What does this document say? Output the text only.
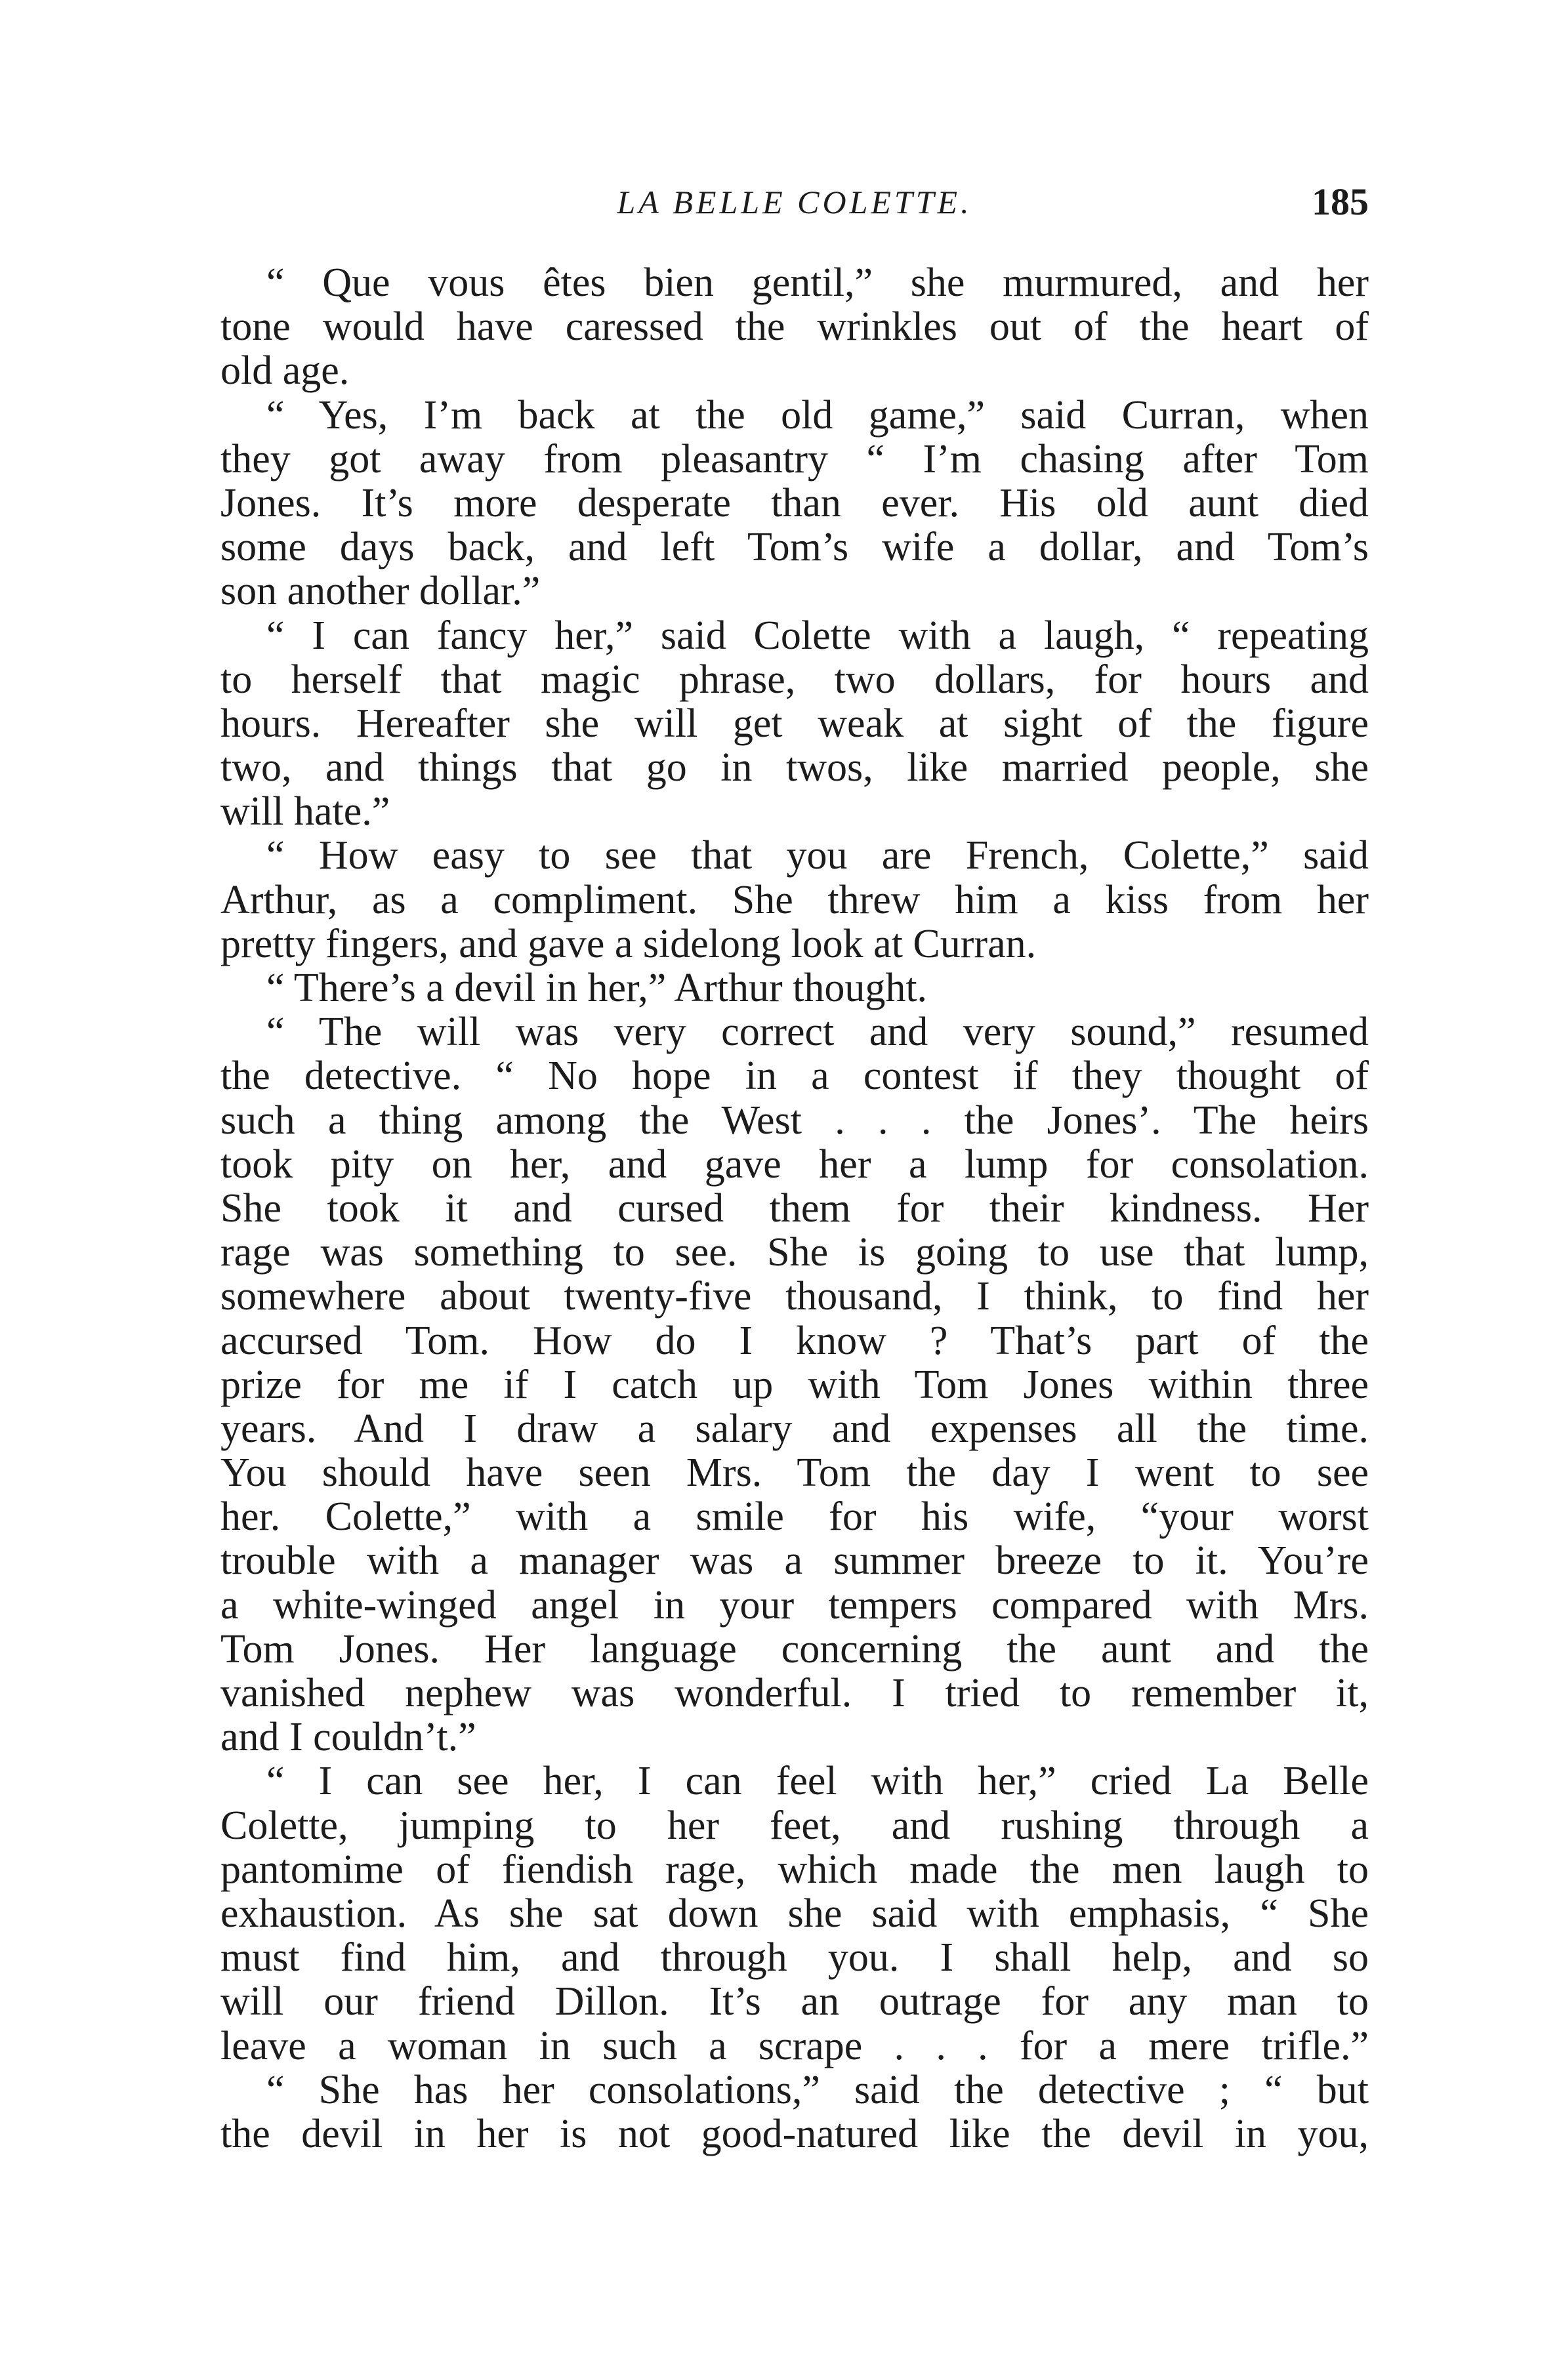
LA BELLE COLETTE.	185
“ Que vous êtes bien gentil,” she murmured, and her
tone would have caressed the wrinkles out of the heart of
old age.
“ Yes, I’m back at the old game,” said Curran, when
they got away from pleasantry “ I’m chasing after Tom
Jones. It’s more desperate than ever. His old aunt died
some days back, and left Tom’s wife a dollar, and Tom’s
son another dollar.”
“ I can fancy her,” said Colette with a laugh, “ repeating
to herself that magic phrase, two dollars, for hours and
hours. Hereafter she will get weak at sight of the figure
two, and things that go in twos, like married people, she
will hate.”
“ How easy to see that you are French, Colette,” said
Arthur, as a compliment. She threw him a kiss from her
pretty fingers, and gave a sidelong look at Curran.
“ There’s a devil in her,” Arthur thought.
“ The will was very correct and very sound,” resumed
the detective. “ No hope in a contest if they thought of
such a thing among the West . . . the Jones’. The heirs
took pity on her, and gave her a lump for consolation.
She took it and cursed them for their kindness. Her
rage was something to see. She is going to use that lump,
somewhere about twenty-five thousand, I think, to find her
accursed Tom. How do I know ? That’s part of the
prize for me if I catch up with Tom Jones within three
years. And I draw a salary and expenses all the time.
You should have seen Mrs. Tom the day I went to see
her. Colette,” with a smile for his wife, “your worst
trouble with a manager was a summer breeze to it. You’re
a white-winged angel in your tempers compared with Mrs.
Tom Jones. Her language concerning the aunt and the
vanished nephew was wonderful. I tried to remember it,
and I couldn’t.”
“ I can see her, I can feel with her,” cried La Belle
Colette, jumping to her feet, and rushing through a
pantomime of fiendish rage, which made the men laugh to
exhaustion. As she sat down she said with emphasis, “ She
must find him, and through you. I shall help, and so
will our friend Dillon. It’s an outrage for any man to
leave a woman in such a scrape . . . for a mere trifle.”
“ She has her consolations,” said the detective ; “ but
the devil in her is not good-natured like the devil in you,
